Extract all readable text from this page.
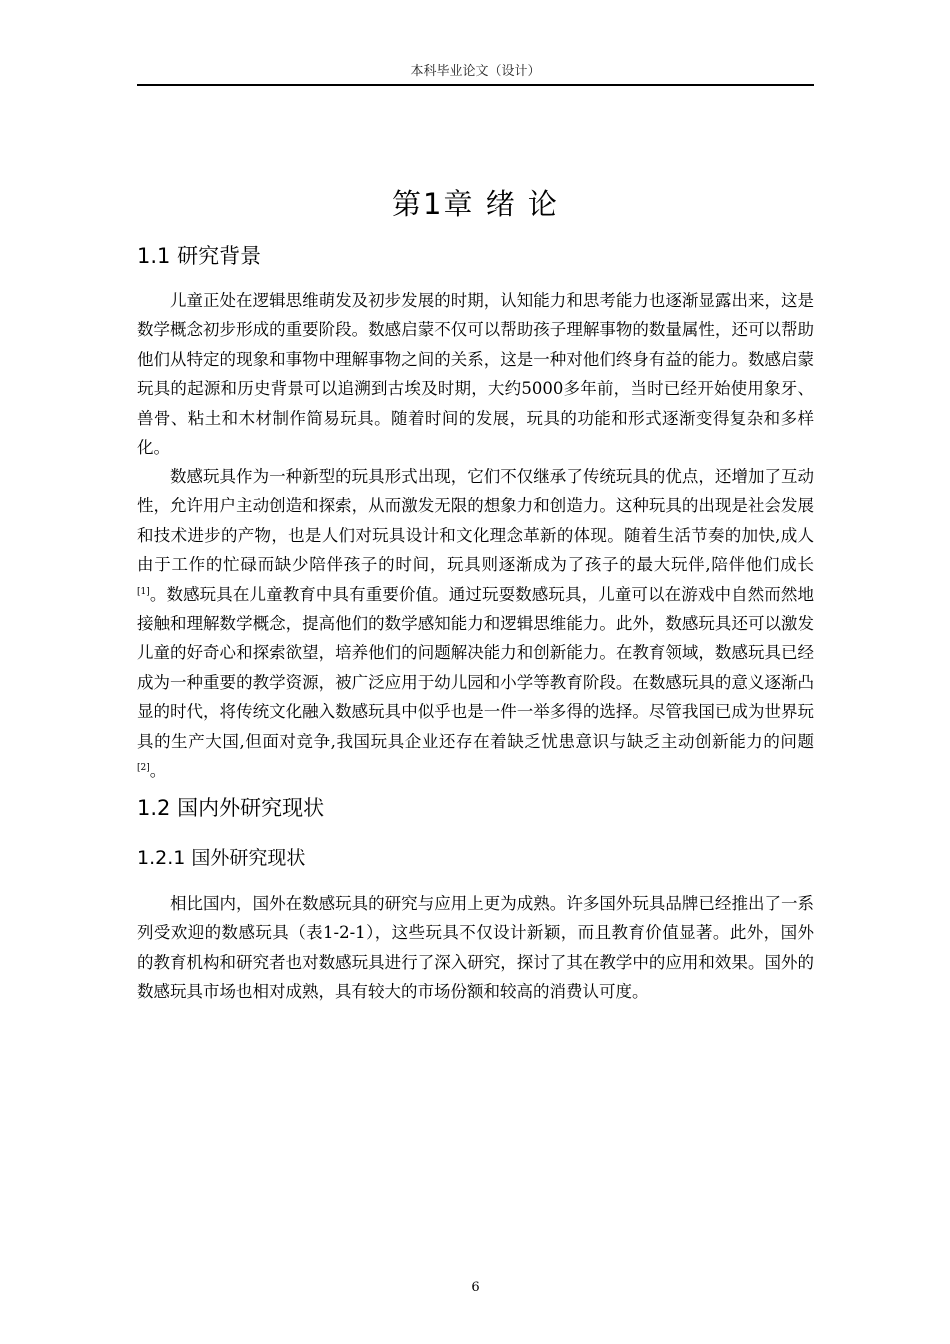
本科毕业论文（设计）
第1章 绪 论
1.1 研究背景

儿童正处在逻辑思维萌发及初步发展的时期，认知能力和思考能力也逐渐显露出来，这是数学概念初步形成的重要阶段。数感启蒙不仅可以帮助孩子理解事物的数量属性，还可以帮助他们从特定的现象和事物中理解事物之间的关系，这是一种对他们终身有益的能力。数感启蒙玩具的起源和历史背景可以追溯到古埃及时期，大约5000多年前，当时已经开始使用象牙、兽骨、粘土和木材制作简易玩具。随着时间的发展，玩具的功能和形式逐渐变得复杂和多样化。

数感玩具作为一种新型的玩具形式出现，它们不仅继承了传统玩具的优点，还增加了互动性，允许用户主动创造和探索，从而激发无限的想象力和创造力。这种玩具的出现是社会发展和技术进步的产物，也是人们对玩具设计和文化理念革新的体现。随着生活节奏的加快,成人由于工作的忙碌而缺少陪伴孩子的时间，玩具则逐渐成为了孩子的最大玩伴,陪伴他们成长[1]。数感玩具在儿童教育中具有重要价值。通过玩耍数感玩具，儿童可以在游戏中自然而然地接触和理解数学概念，提高他们的数学感知能力和逻辑思维能力。此外，数感玩具还可以激发儿童的好奇心和探索欲望，培养他们的问题解决能力和创新能力。在教育领域，数感玩具已经成为一种重要的教学资源，被广泛应用于幼儿园和小学等教育阶段。在数感玩具的意义逐渐凸显的时代，将传统文化融入数感玩具中似乎也是一件一举多得的选择。尽管我国已成为世界玩具的生产大国,但面对竞争,我国玩具企业还存在着缺乏忧患意识与缺乏主动创新能力的问题[2]。

1.2 国内外研究现状
1.2.1 国外研究现状

相比国内，国外在数感玩具的研究与应用上更为成熟。许多国外玩具品牌已经推出了一系列受欢迎的数感玩具（表1-2-1），这些玩具不仅设计新颖，而且教育价值显著。此外，国外的教育机构和研究者也对数感玩具进行了深入研究，探讨了其在教学中的应用和效果。国外的数感玩具市场也相对成熟，具有较大的市场份额和较高的消费认可度。

6
